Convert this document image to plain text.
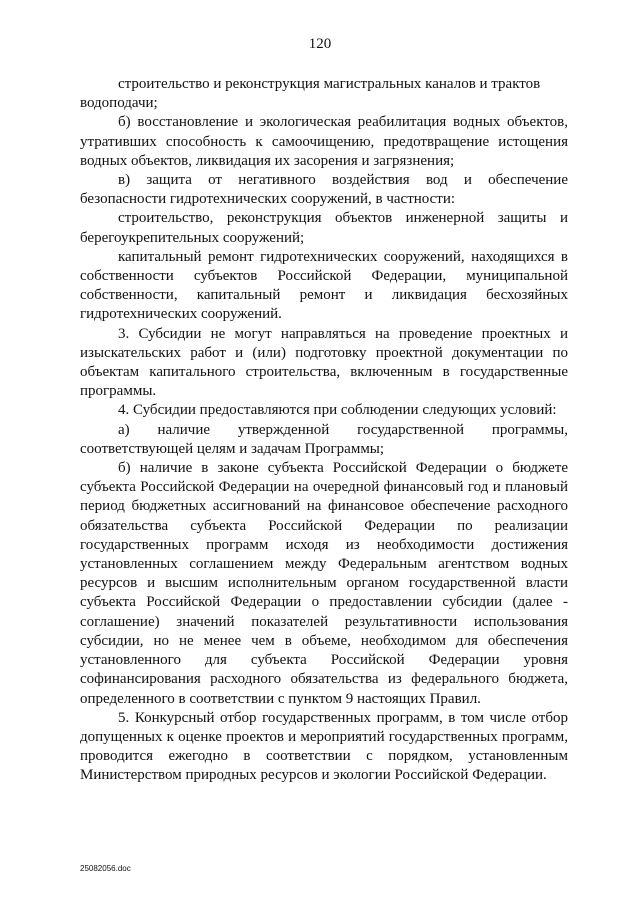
120

строительство и реконструкция магистральных каналов и трактов водоподачи;

б) восстановление и экологическая реабилитация водных объектов, утративших способность к самоочищению, предотвращение истощения водных объектов, ликвидация их засорения и загрязнения;

в) защита от негативного воздействия вод и обеспечение безопасности гидротехнических сооружений, в частности:

строительство, реконструкция объектов инженерной защиты и берегоукрепительных сооружений;

капитальный ремонт гидротехнических сооружений, находящихся в собственности субъектов Российской Федерации, муниципальной собственности, капитальный ремонт и ликвидация бесхозяйных гидротехнических сооружений.

3. Субсидии не могут направляться на проведение проектных и изыскательских работ и (или) подготовку проектной документации по объектам капитального строительства, включенным в государственные программы.

4. Субсидии предоставляются при соблюдении следующих условий:

а) наличие утвержденной государственной программы, соответствующей целям и задачам Программы;

б) наличие в законе субъекта Российской Федерации о бюджете субъекта Российской Федерации на очередной финансовый год и плановый период бюджетных ассигнований на финансовое обеспечение расходного обязательства субъекта Российской Федерации по реализации государственных программ исходя из необходимости достижения установленных соглашением между Федеральным агентством водных ресурсов и высшим исполнительным органом государственной власти субъекта Российской Федерации о предоставлении субсидии (далее - соглашение) значений показателей результативности использования субсидии, но не менее чем в объеме, необходимом для обеспечения установленного для субъекта Российской Федерации уровня софинансирования расходного обязательства из федерального бюджета, определенного в соответствии с пунктом 9 настоящих Правил.

5. Конкурсный отбор государственных программ, в том числе отбор допущенных к оценке проектов и мероприятий государственных программ, проводится ежегодно в соответствии с порядком, установленным Министерством природных ресурсов и экологии Российской Федерации.

25082056.doc
